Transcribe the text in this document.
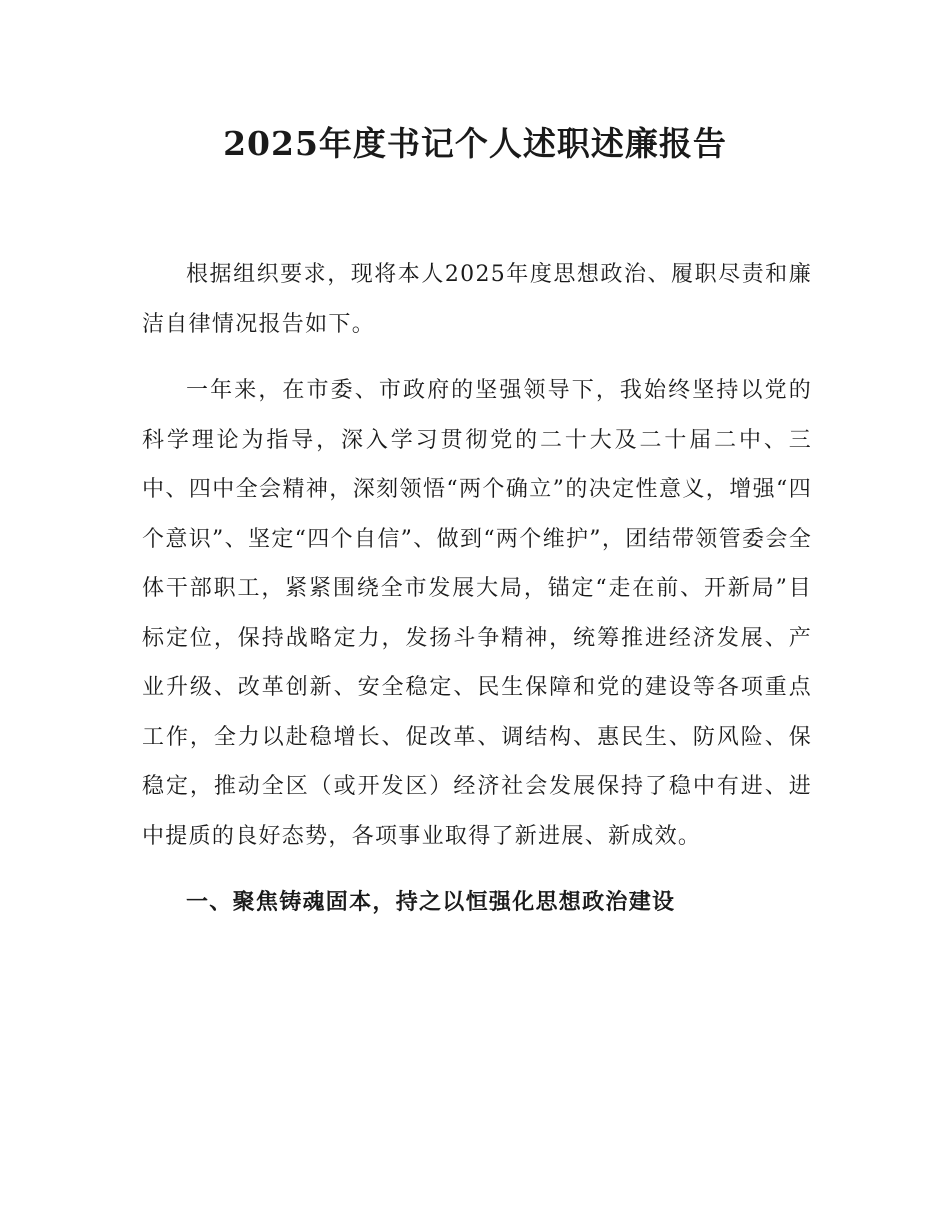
2025年度书记个人述职述廉报告

根据组织要求，现将本人2025年度思想政治、履职尽责和廉洁自律情况报告如下。

一年来，在市委、市政府的坚强领导下，我始终坚持以党的科学理论为指导，深入学习贯彻党的二十大及二十届二中、三中、四中全会精神，深刻领悟“两个确立”的决定性意义，增强“四个意识”、坚定“四个自信”、做到“两个维护”，团结带领管委会全体干部职工，紧紧围绕全市发展大局，锚定“走在前、开新局”目标定位，保持战略定力，发扬斗争精神，统筹推进经济发展、产业升级、改革创新、安全稳定、民生保障和党的建设等各项重点工作，全力以赴稳增长、促改革、调结构、惠民生、防风险、保稳定，推动全区（或开发区）经济社会发展保持了稳中有进、进中提质的良好态势，各项事业取得了新进展、新成效。

一、聚焦铸魂固本，持之以恒强化思想政治建设
